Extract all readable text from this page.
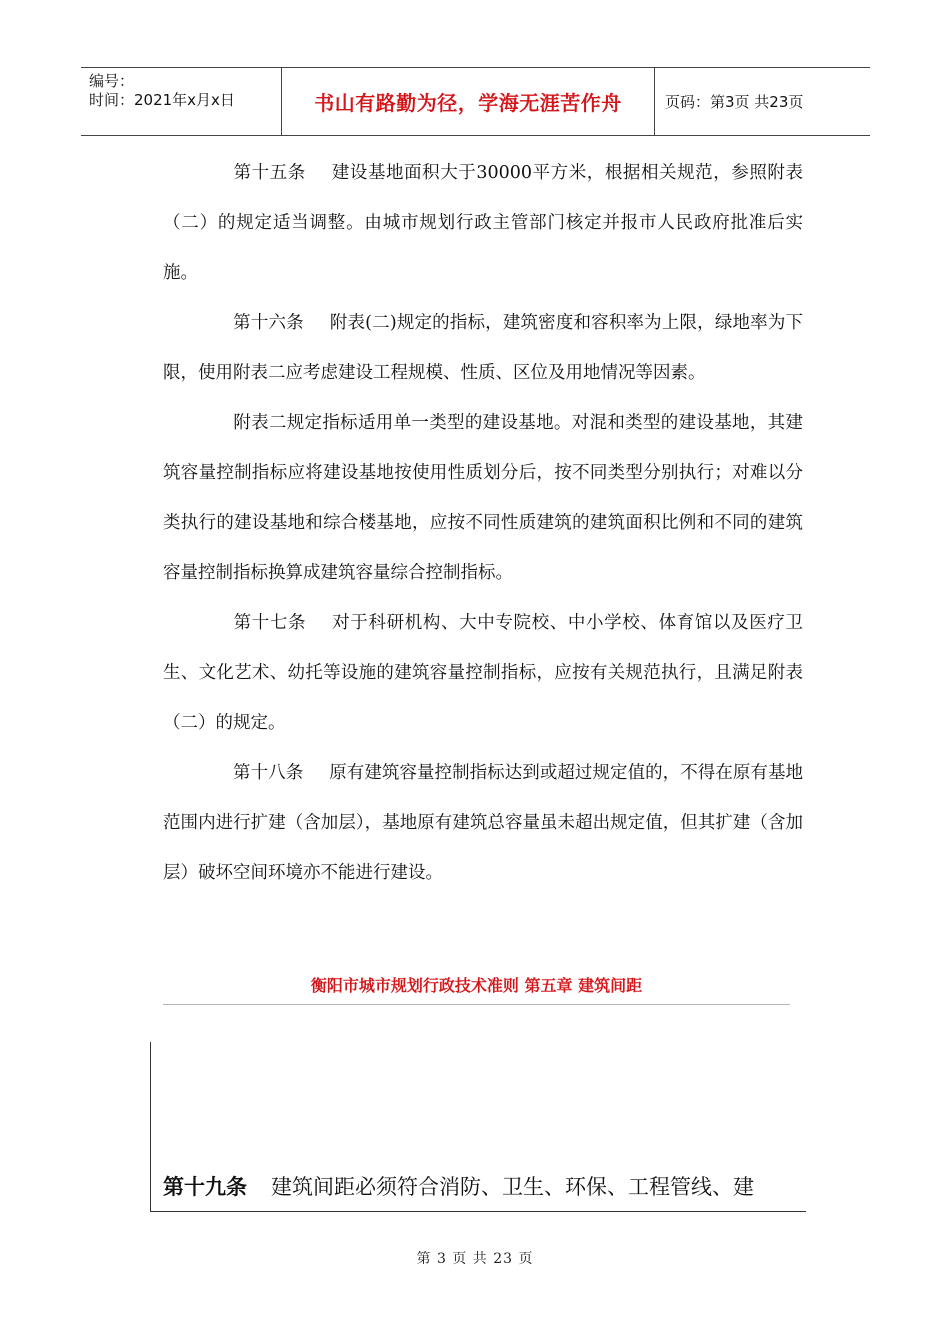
编号：
时间：2021年x月x日	书山有路勤为径，学海无涯苦作舟	页码：第3页 共23页

第十五条 建设基地面积大于30000平方米，根据相关规范，参照附表（二）的规定适当调整。由城市规划行政主管部门核定并报市人民政府批准后实施。

第十六条 附表(二)规定的指标，建筑密度和容积率为上限，绿地率为下限，使用附表二应考虑建设工程规模、性质、区位及用地情况等因素。

附表二规定指标适用单一类型的建设基地。对混和类型的建设基地，其建筑容量控制指标应将建设基地按使用性质划分后，按不同类型分别执行；对难以分类执行的建设基地和综合楼基地，应按不同性质建筑的建筑面积比例和不同的建筑容量控制指标换算成建筑容量综合控制指标。

第十七条 对于科研机构、大中专院校、中小学校、体育馆以及医疗卫生、文化艺术、幼托等设施的建筑容量控制指标，应按有关规范执行，且满足附表（二）的规定。

第十八条 原有建筑容量控制指标达到或超过规定值的，不得在原有基地范围内进行扩建（含加层），基地原有建筑总容量虽未超出规定值，但其扩建（含加层）破坏空间环境亦不能进行建设。

衡阳市城市规划行政技术准则 第五章 建筑间距
第十九条 建筑间距必须符合消防、卫生、环保、工程管线、建
第 3 页 共 23 页
